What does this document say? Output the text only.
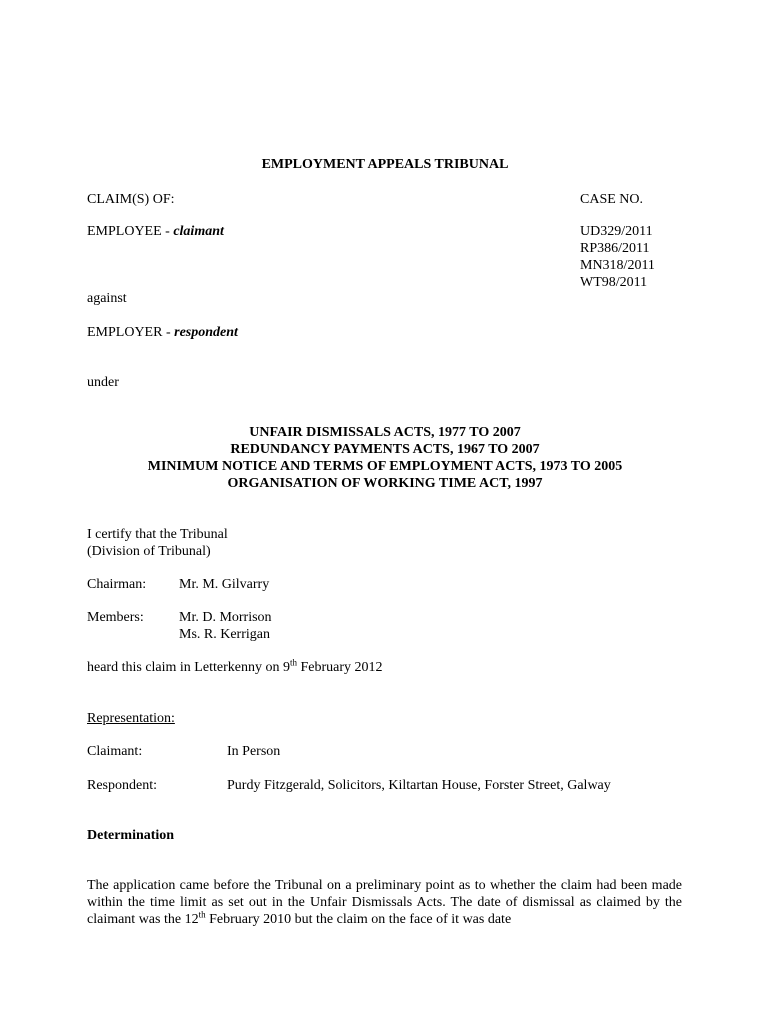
EMPLOYMENT APPEALS TRIBUNAL
CLAIM(S) OF:	CASE NO.
EMPLOYEE - claimant	UD329/2011
RP386/2011
MN318/2011
WT98/2011
against
EMPLOYER - respondent
under
UNFAIR DISMISSALS ACTS, 1977 TO 2007
REDUNDANCY PAYMENTS ACTS, 1967 TO 2007
MINIMUM NOTICE AND TERMS OF EMPLOYMENT ACTS, 1973 TO 2005
ORGANISATION OF WORKING TIME ACT, 1997
I certify that the Tribunal
(Division of Tribunal)
Chairman: Mr. M. Gilvarry
Members:	Mr. D. Morrison
Ms. R. Kerrigan
heard this claim in Letterkenny on 9th February 2012
Representation:
Claimant:	In Person
Respondent:	Purdy Fitzgerald, Solicitors, Kiltartan House, Forster Street, Galway
Determination
The application came before the Tribunal on a preliminary point as to whether the claim had been made within the time limit as set out in the Unfair Dismissals Acts. The date of dismissal as claimed by the claimant was the 12th February 2010 but the claim on the face of it was date
